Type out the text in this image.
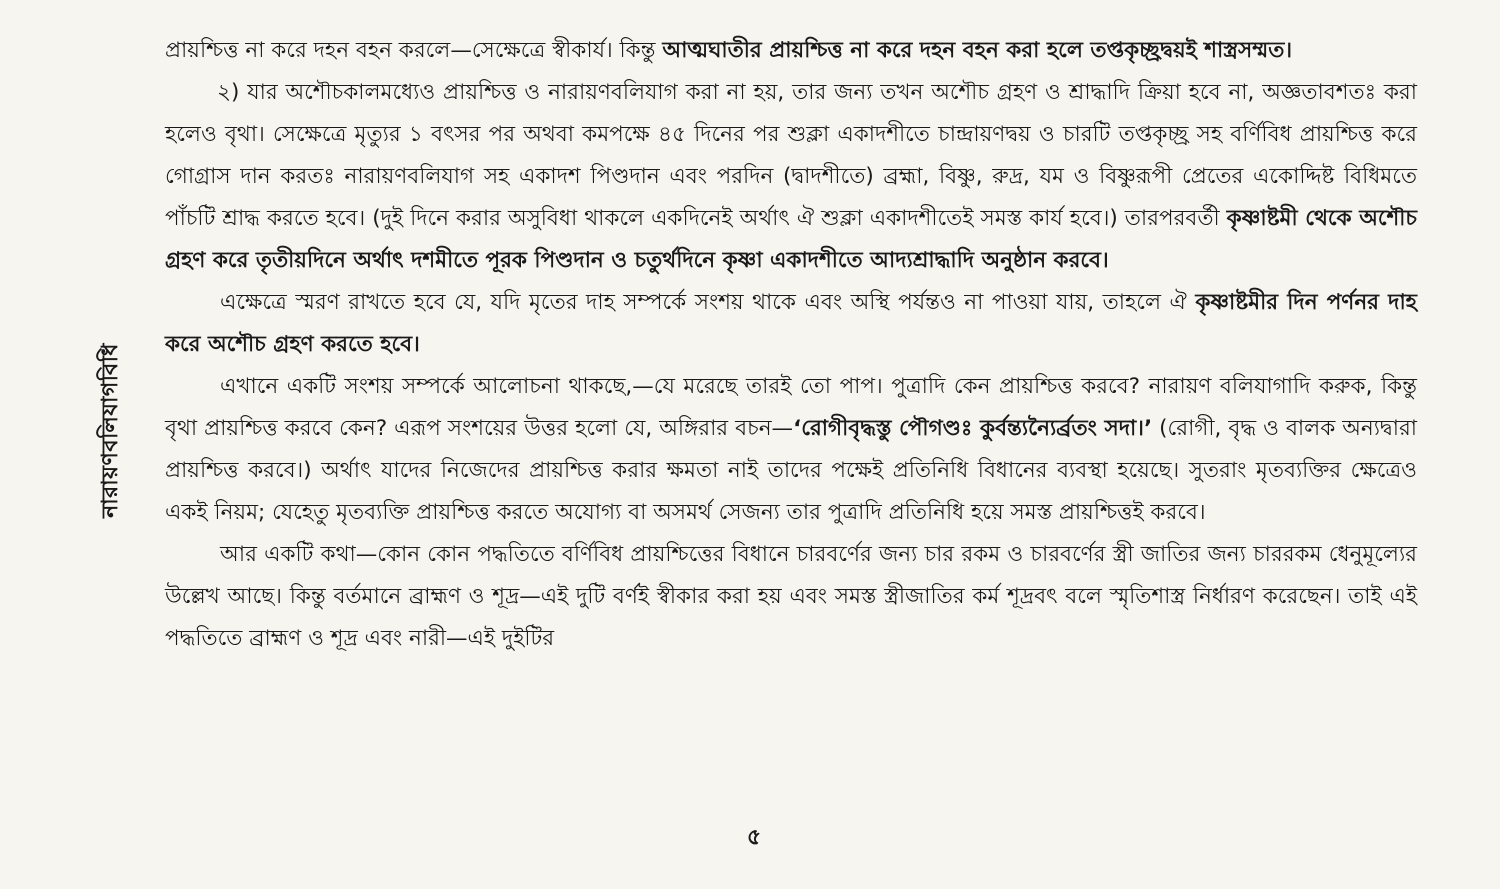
নারায়ণবলিযাগবিধি

প্রায়শ্চিত্ত না করে দহন বহন করলে—সেক্ষেত্রে স্বীকার্য। কিন্তু আত্মঘাতীর প্রায়শ্চিত্ত না করে দহন বহন করা হলে তপ্তকৃচ্ছ্রদ্বয়ই শাস্ত্রসম্মত।

২) যার অশৌচকালমধ্যেও প্রায়শ্চিত্ত ও নারায়ণবলিযাগ করা না হয়, তার জন্য তখন অশৌচ গ্রহণ ও শ্রাদ্ধাদি ক্রিয়া হবে না, অজ্ঞতাবশতঃ করা হলেও বৃথা। সেক্ষেত্রে মৃত্যুর ১ বৎসর পর অথবা কমপক্ষে ৪৫ দিনের পর শুক্লা একাদশীতে চান্দ্রায়ণদ্বয় ও চারটি তপ্তকৃচ্ছ্র সহ বর্ণিবিধ প্রায়শ্চিত্ত করে গোগ্রাস দান করতঃ নারায়ণবলিযাগ সহ একাদশ পিণ্ডদান এবং পরদিন (দ্বাদশীতে) ব্রহ্মা, বিষ্ণু, রুদ্র, যম ও বিষ্ণুরূপী প্রেতের একোদ্দিষ্ট বিধিমতে পাঁচটি শ্রাদ্ধ করতে হবে। (দুই দিনে করার অসুবিধা থাকলে একদিনেই অর্থাৎ ঐ শুক্লা একাদশীতেই সমস্ত কার্য হবে।) তারপরবর্তী কৃষ্ণাষ্টমী থেকে অশৌচ গ্রহণ করে তৃতীয়দিনে অর্থাৎ দশমীতে পূরক পিণ্ডদান ও চতুর্থদিনে কৃষ্ণা একাদশীতে আদ্যশ্রাদ্ধাদি অনুষ্ঠান করবে।

এক্ষেত্রে স্মরণ রাখতে হবে যে, যদি মৃতের দাহ সম্পর্কে সংশয় থাকে এবং অস্থি পর্যন্তও না পাওয়া যায়, তাহলে ঐ কৃষ্ণাষ্টমীর দিন পর্ণনর দাহ করে অশৌচ গ্রহণ করতে হবে।

এখানে একটি সংশয় সম্পর্কে আলোচনা থাকছে,—যে মরেছে তারই তো পাপ। পুত্রাদি কেন প্রায়শ্চিত্ত করবে? নারায়ণ বলিযাগাদি করুক, কিন্তু বৃথা প্রায়শ্চিত্ত করবে কেন? এরূপ সংশয়ের উত্তর হলো যে, অঙ্গিরার বচন—‘রোগীবৃদ্ধস্তু পৌগণ্ডঃ কুর্বন্ত্যন্যৈর্ব্রতং সদা।’ (রোগী, বৃদ্ধ ও বালক অন্যদ্বারা প্রায়শ্চিত্ত করবে।) অর্থাৎ যাদের নিজেদের প্রায়শ্চিত্ত করার ক্ষমতা নাই তাদের পক্ষেই প্রতিনিধি বিধানের ব্যবস্থা হয়েছে। সুতরাং মৃতব্যক্তির ক্ষেত্রেও একই নিয়ম; যেহেতু মৃতব্যক্তি প্রায়শ্চিত্ত করতে অযোগ্য বা অসমর্থ সেজন্য তার পুত্রাদি প্রতিনিধি হয়ে সমস্ত প্রায়শ্চিত্তই করবে।

আর একটি কথা—কোন কোন পদ্ধতিতে বর্ণিবিধ প্রায়শ্চিত্তের বিধানে চারবর্ণের জন্য চার রকম ও চারবর্ণের স্ত্রী জাতির জন্য চাররকম ধেনুমূল্যের উল্লেখ আছে। কিন্তু বর্তমানে ব্রাহ্মণ ও শূদ্র—এই দুটি বর্ণই স্বীকার করা হয় এবং সমস্ত স্ত্রীজাতির কর্ম শূদ্রবৎ বলে স্মৃতিশাস্ত্র নির্ধারণ করেছেন। তাই এই পদ্ধতিতে ব্রাহ্মণ ও শূদ্র এবং নারী—এই দুইটির

৫
